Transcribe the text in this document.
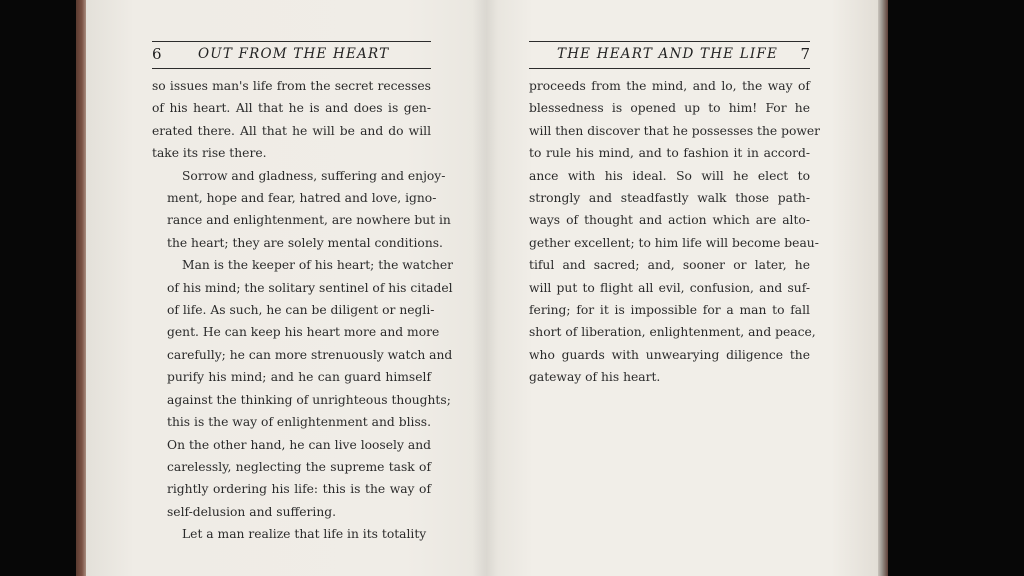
6	OUT FROM THE HEART

so issues man's life from the secret recesses
of his heart. All that he is and does is gen-
erated there. All that he will be and do will
take its rise there.

Sorrow and gladness, suffering and enjoy-
ment, hope and fear, hatred and love, igno-
rance and enlightenment, are nowhere but in
the heart; they are solely mental conditions.

Man is the keeper of his heart; the watcher
of his mind; the solitary sentinel of his citadel
of life. As such, he can be diligent or negli-
gent. He can keep his heart more and more
carefully; he can more strenuously watch and
purify his mind; and he can guard himself
against the thinking of unrighteous thoughts;
this is the way of enlightenment and bliss.
On the other hand, he can live loosely and
carelessly, neglecting the supreme task of
rightly ordering his life: this is the way of
self-delusion and suffering.

Let a man realize that life in its totality

THE HEART AND THE LIFE 7

proceeds from the mind, and lo, the way of
blessedness is opened up to him! For he
will then discover that he possesses the power
to rule his mind, and to fashion it in accord-
ance with his ideal. So will he elect to
strongly and steadfastly walk those path-
ways of thought and action which are alto-
gether excellent; to him life will become beau-
tiful and sacred; and, sooner or later, he
will put to flight all evil, confusion, and suf-
fering; for it is impossible for a man to fall
short of liberation, enlightenment, and peace,
who guards with unwearying diligence the
gateway of his heart.
